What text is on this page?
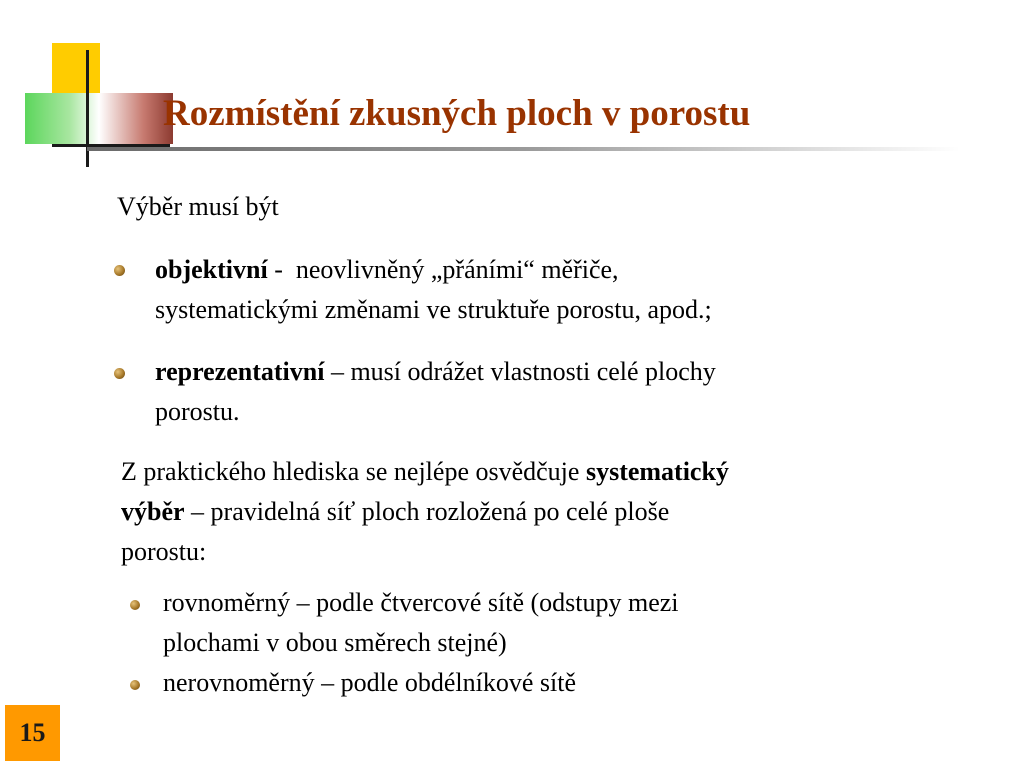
Rozmístění zkusných ploch v porostu
Výběr musí být
objektivní -  neovlivněný „přáními“ měřiče,
systematickými změnami ve struktuře porostu, apod.;
reprezentativní – musí odrážet vlastnosti celé plochy
porostu.
Z praktického hlediska se nejlépe osvědčuje systematický
výběr – pravidelná síť ploch rozložená po celé ploše
porostu:
rovnoměrný – podle čtvercové sítě (odstupy mezi
plochami v obou směrech stejné)
nerovnoměrný – podle obdélníkové sítě
15
